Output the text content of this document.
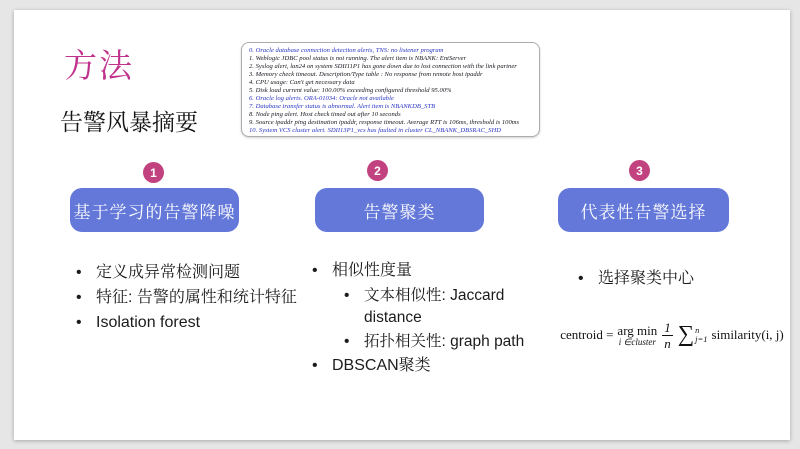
方法
告警风暴摘要
0. Oracle database connection detection alerts, TNS: no listener program
1. Weblogic JDBC pool status is not running. The alert item is NBANK: EntServer
2. Syslog alert, lan24 on system SDII11P1 has gone down due to lost connection with the link partner
3. Memory check timeout. Description/Type table : No response from remote host ipaddr
4. CPU usage: Can't get necessary data
5. Disk load current value: 100.00% exceeding configured threshold 95.00%
6. Oracle log alerts. ORA-01034: Oracle not available
7. Database transfer status is abnormal. Alert item is NBANKDB_STB
8. Node ping alert. Host check timed out after 10 seconds
9. Source ipaddr ping destination ipaddr, response timeout. Average RTT is 106ms, threshold is 100ms
10. System VCS cluster alert. SDII13P1_vcs has faulted in cluster CL_NBANK_DBSRAC_SHD
1	2	3
基于学习的告警降噪	告警聚类	代表性告警选择
• 定义成异常检测问题
• 特征: 告警的属性和统计特征
• Isolation forest
• 相似性度量
• 文本相似性: Jaccard distance
• 拓扑相关性: graph path
• DBSCAN聚类
• 选择聚类中心
centroid = arg min
i ∈cluster $\frac{1}{n}$ ∑ n
j=1 similarity(i, j)
